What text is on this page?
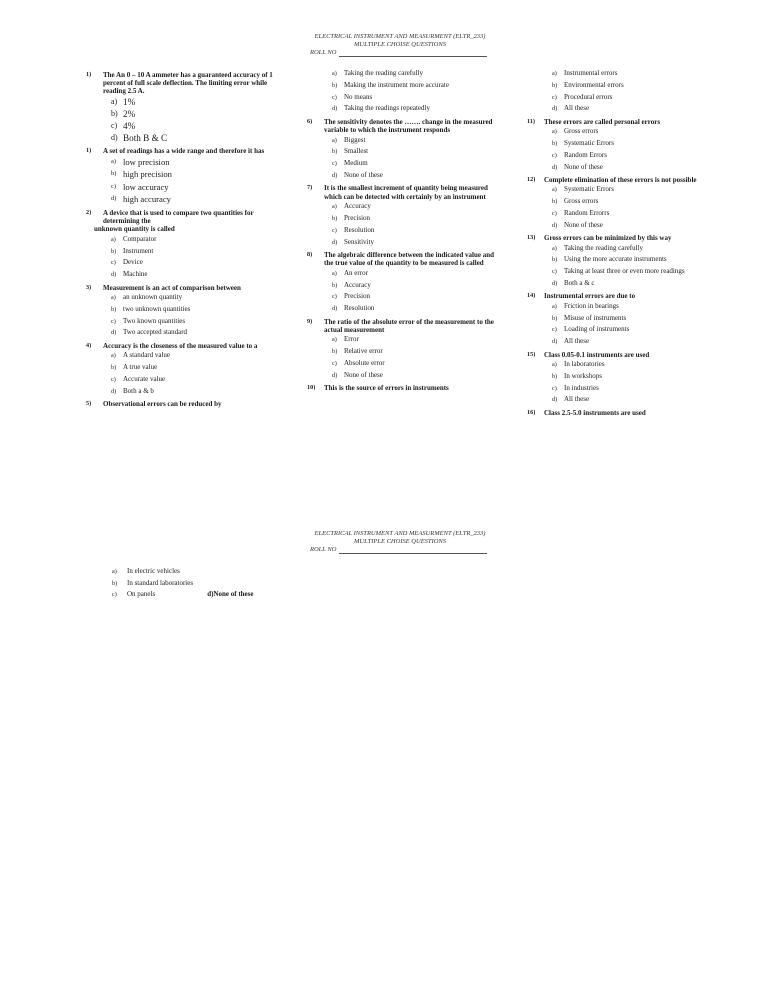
ELECTRICAL INSTRUMENT AND MEASURMENT (ELTR_233)
MULTIPLE CHOISE QUESTIONS
ROLL NO
1)	The An 0 – 10 A ammeter has a guaranteed accuracy of 1 percent of full scale deflection. The limiting error while reading 2.5 A.
a) 1%
b) 2%
c) 4%
d) Both B & C
1)	A set of readings has a wide range and therefore it has
a) low precision
b) high precision
c) low accuracy
d) high accuracy
2)	A device that is used to compare two quantities for determining the
unknown quantity is called
a)	Comparator
b) Instrument
c)	Device
d) Machine
3)	Measurement is an act of comparison between
a)	an unknown quantity
b) two unknown quantities
c)	Two known quantities
d) Two accepted standard
4)	Accuracy is the closeness of the measured value to a
a)	A standard value
b) A true value
c)	Accurate value
d) Both a & b
5)	Observational errors can be reduced by
a)	Taking the reading carefully
b) Making the instrument more accurate
c)	No means
d) Taking the readings repeatedly
6)	The sensitivity denotes the ……. change in the measured variable to which the instrument responds
a)	Biggest
b) Smallest
c)	Medium
d) None of these
7)	It is the smallest increment of quantity being measured which can be detected with certainly by an instrument
a)	Accuracy
b) Precision
c)	Resolution
d) Sensitivity
8)	The algebraic difference between the indicated value and the true value of the quantity to be measured is called
a)	An error
b) Accuracy
c)	Precision
d) Resolution
9)	The ratio of the absolute error of the measurement to the actual measurement
a)	Error
b) Relative error
c)	Absolute error
d) None of these
10)	This is the source of errors in instruments
a)	Instrumental errors
b) Environmental errors
c)	Procedural errors
d) All these
11)	These errors are called personal errors
a)	Gross errors
b) Systematic Errors
c)	Random Errors
d) None of these
12)	Complete elimination of these errors is not possible
a)	Systematic Errors
b) Gross errors
c)	Random Errorrs
d) None of these
13)	Gross errors can be minimized by this way
a)	Taking the reading carefully
b) Using the more accurate instruments
c)	Taking at least three or even more readings
d) Both a & c
14)	Instrumental errors are due to
a)	Friction in bearings
b) Misuse of instruments
c)	Loading of instruments
d) All these
15)	Class 0.05-0.1 instruments are used
a)	In laboratories
b) In workshops
c)	In industries
d) All these
16)	Class 2.5-5.0 instruments are used
ELECTRICAL INSTRUMENT AND MEASURMENT (ELTR_233)
MULTIPLE CHOISE QUESTIONS
ROLL NO
a)	In electric vehicles
b)	In standard laboratories
c)	On panels	d)None of these
